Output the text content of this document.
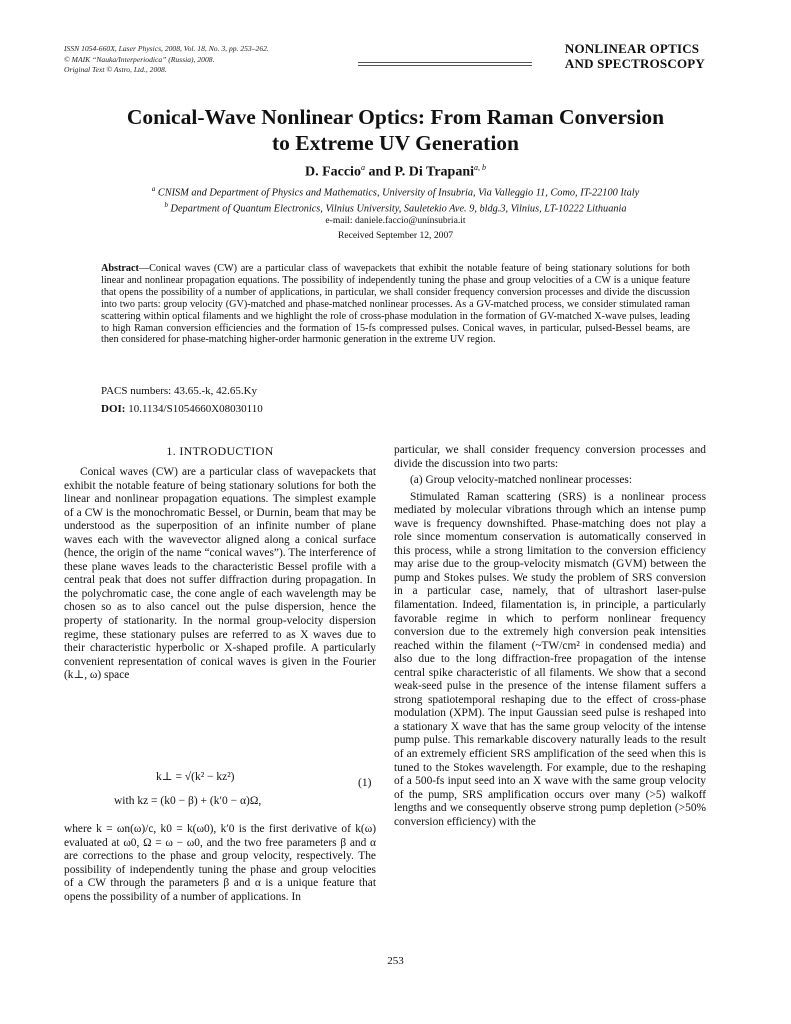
ISSN 1054-660X, Laser Physics, 2008, Vol. 18, No. 3, pp. 253–262.
© MAIK “Nauka/Interperiodica” (Russia), 2008.
Original Text © Astro, Ltd., 2008.
NONLINEAR OPTICS
AND SPECTROSCOPY
Conical-Wave Nonlinear Optics: From Raman Conversion
to Extreme UV Generation
D. Faccio$^a$ and P. Di Trapani$^{a, b}$
$^a$ CNISM and Department of Physics and Mathematics, University of Insubria, Via Valleggio 11, Como, IT-22100 Italy
$^b$ Department of Quantum Electronics, Vilnius University, Sauletekio Ave. 9, bldg.3, Vilnius, LT-10222 Lithuania
e-mail: daniele.faccio@uninsubria.it
Received September 12, 2007
Abstract—Conical waves (CW) are a particular class of wavepackets that exhibit the notable feature of being stationary solutions for both linear and nonlinear propagation equations. The possibility of independently tuning the phase and group velocities of a CW is a unique feature that opens the possibility of a number of applications, in particular, we shall consider frequency conversion processes and divide the discussion into two parts: group velocity (GV)-matched and phase-matched nonlinear processes. As a GV-matched process, we consider stimulated raman scattering within optical filaments and we highlight the role of cross-phase modulation in the formation of GV-matched X-wave pulses, leading to high Raman conversion efficiencies and the formation of 15-fs compressed pulses. Conical waves, in particular, pulsed-Bessel beams, are then considered for phase-matching higher-order harmonic generation in the extreme UV region.
PACS numbers: 43.65.-k, 42.65.Ky
DOI: 10.1134/S1054660X08030110
1. INTRODUCTION

Conical waves (CW) are a particular class of wavepackets that exhibit the notable feature of being stationary solutions for both the linear and nonlinear propagation equations. The simplest example of a CW is the monochromatic Bessel, or Durnin, beam that may be understood as the superposition of an infinite number of plane waves each with the wavevector aligned along a conical surface (hence, the origin of the name “conical waves”). The interference of these plane waves leads to the characteristic Bessel profile with a central peak that does not suffer diffraction during propagation. In the polychromatic case, the cone angle of each wavelength may be chosen so as to also cancel out the pulse dispersion, hence the property of stationarity. In the normal group-velocity dispersion regime, these stationary pulses are referred to as X waves due to their characteristic hyperbolic or X-shaped profile. A particularly convenient representation of conical waves is given in the Fourier (k⊥, ω) space

k⊥ = √(k² − kz²)	(1)
with kz = (k0 − β) + (k′0 − α)Ω,

where k = ωn(ω)/c, k0 = k(ω0), k′0 is the first derivative of k(ω) evaluated at ω0, Ω = ω − ω0, and the two free parameters β and α are corrections to the phase and group velocity, respectively. The possibility of independently tuning the phase and group velocities of a CW through the parameters β and α is a unique feature that opens the possibility of a number of applications. In

particular, we shall consider frequency conversion processes and divide the discussion into two parts:

(a) Group velocity-matched nonlinear processes:

Stimulated Raman scattering (SRS) is a nonlinear process mediated by molecular vibrations through which an intense pump wave is frequency downshifted. Phase-matching does not play a role since momentum conservation is automatically conserved in this process, while a strong limitation to the conversion efficiency may arise due to the group-velocity mismatch (GVM) between the pump and Stokes pulses. We study the problem of SRS conversion in a particular case, namely, that of ultrashort laser-pulse filamentation. Indeed, filamentation is, in principle, a particularly favorable regime in which to perform nonlinear frequency conversion due to the extremely high conversion peak intensities reached within the filament (~TW/cm² in condensed media) and also due to the long diffraction-free propagation of the intense central spike characteristic of all filaments. We show that a second weak-seed pulse in the presence of the intense filament suffers a strong spatiotemporal reshaping due to the effect of cross-phase modulation (XPM). The input Gaussian seed pulse is reshaped into a stationary X wave that has the same group velocity of the intense pump pulse. This remarkable discovery naturally leads to the result of an extremely efficient SRS amplification of the seed when this is tuned to the Stokes wavelength. For example, due to the reshaping of a 500-fs input seed into an X wave with the same group velocity of the pump, SRS amplification occurs over many (>5) walkoff lengths and we consequently observe strong pump depletion (>50% conversion efficiency) with the

253
